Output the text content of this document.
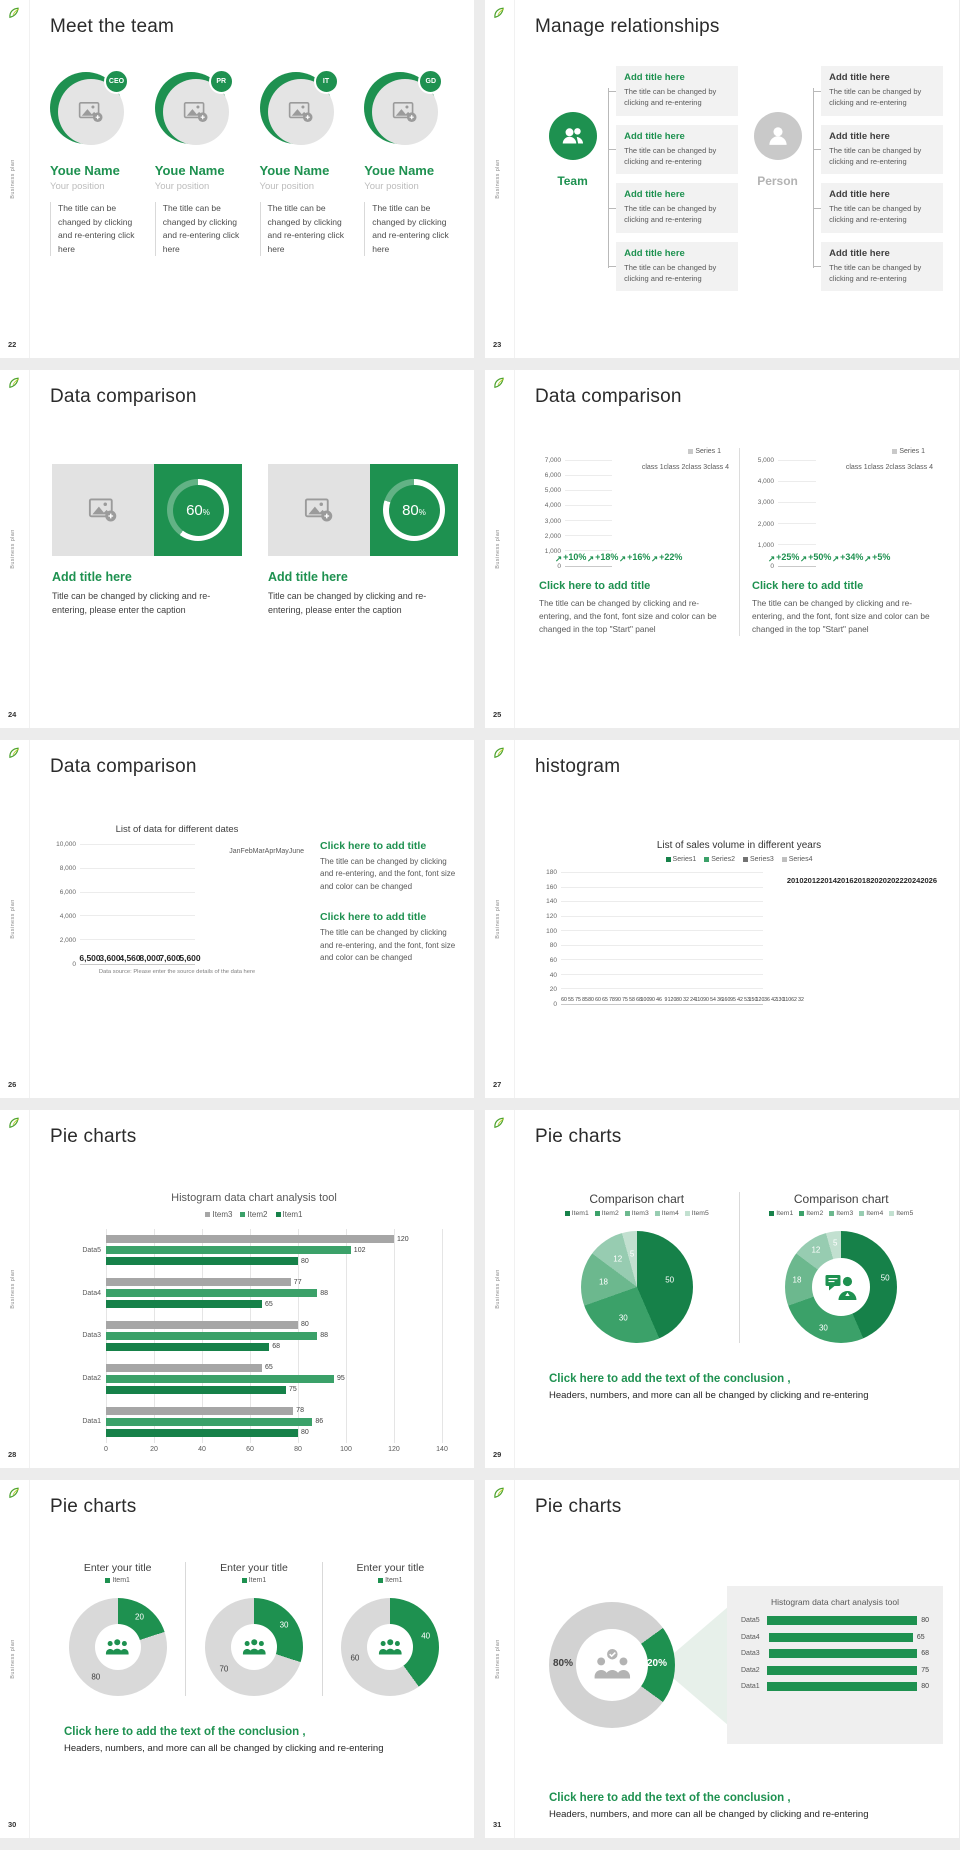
Business plan
22
Meet the team
CEO
Youe Name
Your position
The title can be changed by clicking and re-entering click here
PR
Youe Name
Your position
The title can be changed by clicking and re-entering click here
IT
Youe Name
Your position
The title can be changed by clicking and re-entering click here
GD
Youe Name
Your position
The title can be changed by clicking and re-entering click here
Business plan
23
Manage relationships
Team
Add title here

The title can be changed by clicking and re-entering

Add title here

The title can be changed by clicking and re-entering

Add title here

The title can be changed by clicking and re-entering

Add title here

The title can be changed by clicking and re-entering

Person
Add title here

The title can be changed by clicking and re-entering

Add title here

The title can be changed by clicking and re-entering

Add title here

The title can be changed by clicking and re-entering

Add title here

The title can be changed by clicking and re-entering

Business plan
24
Data comparison
60%
Add title here
Title can be changed by clicking and re-entering, please enter the caption
80%
Add title here
Title can be changed by clicking and re-entering, please enter the caption
Business plan
25
Data comparison
Series 1
7,000
6,000
5,000
4,000
3,000
2,000
1,000
0
↗+10% ↗+18% ↗+16% ↗+22%
class 1 class 2 class 3 class 4
Click here to add title

The title can be changed by clicking and re-entering, and the font, font size and color can be changed in the top "Start" panel

Series 1
5,000
4,000
3,000
2,000
1,000
0
↗+25% ↗+50% ↗+34% ↗+5%
class 1 class 2 class 3 class 4
Click here to add title

The title can be changed by clicking and re-entering, and the font, font size and color can be changed in the top "Start" panel

Business plan
26
Data comparison
List of data for different dates
10,000
8,000
6,000
4,000
2,000
0
6,500
3,600
4,560
8,000
7,600
5,600
Jan Feb Mar Apr May June
Data source: Please enter the source details of the data here
Click here to add title

The title can be changed by clicking and re-entering, and the font, font size and color can be changed

Click here to add title

The title can be changed by clicking and re-entering, and the font, font size and color can be changed

Business plan
27
histogram
List of sales volume in different years
Series1	Series2	Series3	Series4
180
160
140
120
100
80
60
40
20
0
60 55 75 85 80 60 65 78 90 75 58 68
100 90 46 9 120 80 32 24
110 90 54 36
160 95 42 53
150
120 36 42
130
110 62 32
2010 2012 2014 2016 2018 2020 2022 2024 2026
Business plan
28
Pie charts
Histogram data chart analysis tool
Item3	Item2	Item1
Data5
Data4
Data3
Data2
Data1
120
102
80
77
88
65
80
88
68
65
95
75
78
86
80
0	20	40	60	80	100	120	140
Business plan
29
Pie charts
Comparison chart
Item1	Item2	Item3	Item4	Item5
50
30
18
12
5
Comparison chart
Item1	Item2	Item3	Item4	Item5
50
30
18
12
5
Click here to add the text of the conclusion ,

Headers, numbers, and more can all be changed by clicking and re-entering

Business plan
30
Pie charts
Enter your title
Item1
20
80
Enter your title
Item1
30
70
Enter your title
Item1
40
60
Click here to add the text of the conclusion ,

Headers, numbers, and more can all be changed by clicking and re-entering

Business plan
31
Pie charts
80%	20%
Histogram data chart analysis tool
Data5	80
Data4	65
Data3	68
Data2	75
Data1	80
Click here to add the text of the conclusion ,

Headers, numbers, and more can all be changed by clicking and re-entering
